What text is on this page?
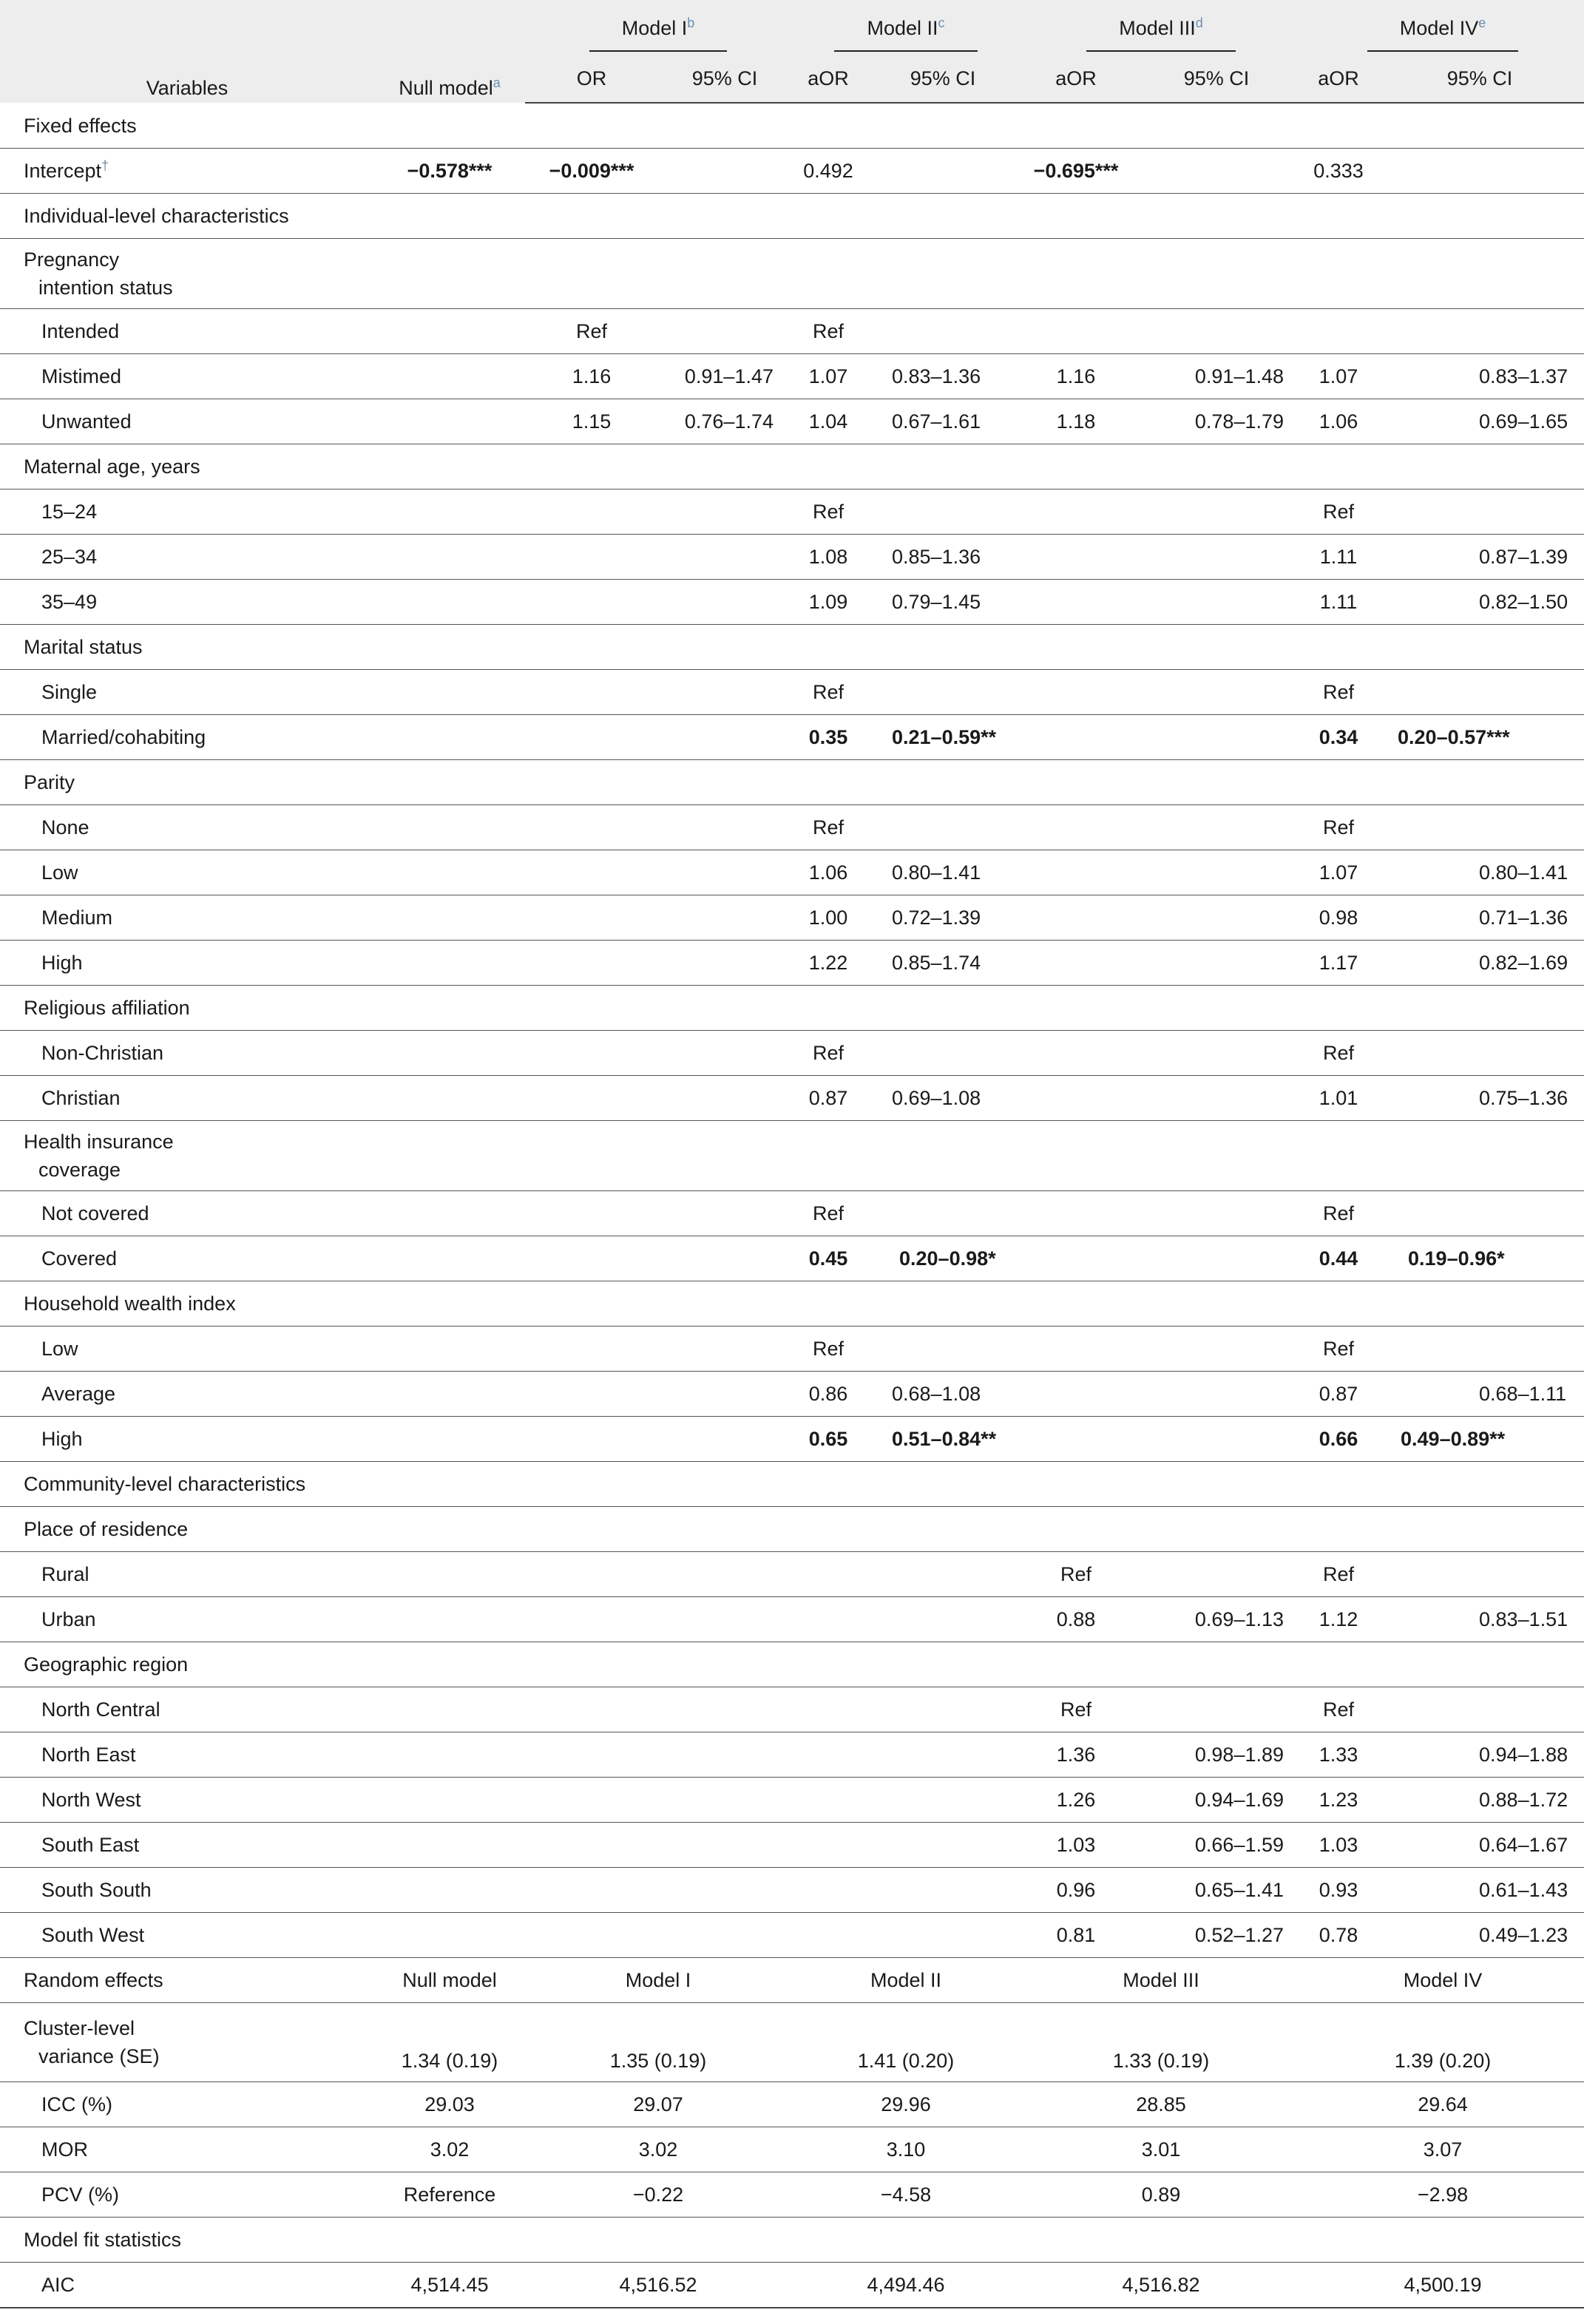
Variables	Null model$^a$	Model $I^b$		Model $II^c$		Model III$^d$		Model IVe
		OR	95% CI	aOR	95% CI	aOR	95% CI	aOR	95% CI
Fixed effects									
Intercept†	−0.578***	−0.009***		0.492		−0.695***		0.333	
Individual-level characteristics									
Pregnancy
intention status									
Intended		Ref		Ref					
Mistimed		1.16	0.91–1.47	1.07	0.83–1.36	1.16	0.91–1.48	1.07	0.83–1.37
Unwanted		1.15	0.76–1.74	1.04	0.67–1.61	1.18	0.78–1.79	1.06	0.69–1.65
Maternal age, years									
15–24				Ref				Ref	
25–34				1.08	0.85–1.36			1.11	0.87–1.39
35–49				1.09	0.79–1.45			1.11	0.82–1.50
Marital status									
Single				Ref				Ref	
Married/cohabiting				0.35	0.21–0.59**			0.34	0.20–0.57***
Parity									
None				Ref				Ref	
Low				1.06	0.80–1.41			1.07	0.80–1.41
Medium				1.00	0.72–1.39			0.98	0.71–1.36
High				1.22	0.85–1.74			1.17	0.82–1.69
Religious affiliation									
Non-Christian				Ref				Ref	
Christian				0.87	0.69–1.08			1.01	0.75–1.36
Health insurance
coverage									
Not covered				Ref				Ref	
Covered				0.45	0.20–0.98*			0.44	0.19–0.96*
Household wealth index									
Low				Ref				Ref	
Average				0.86	0.68–1.08			0.87	0.68–1.11
High				0.65	0.51–0.84**			0.66	0.49–0.89**
Community-level characteristics									
Place of residence									
Rural						Ref		Ref	
Urban						0.88	0.69–1.13	1.12	0.83–1.51
Geographic region									
North Central						Ref		Ref	
North East						1.36	0.98–1.89	1.33	0.94–1.88
North West						1.26	0.94–1.69	1.23	0.88–1.72
South East						1.03	0.66–1.59	1.03	0.64–1.67
South South						0.96	0.65–1.41	0.93	0.61–1.43
South West						0.81	0.52–1.27	0.78	0.49–1.23
Random effects	Null model	Model I		Model II		Model III		Model IV	
Cluster-level
variance (SE)	1.34 (0.19)	1.35 (0.19)		1.41 (0.20)		1.33 (0.19)		1.39 (0.20)	
ICC (%)	29.03	29.07		29.96		28.85		29.64	
MOR	3.02	3.02		3.10		3.01		3.07	
PCV (%)	Reference	−0.22		−4.58		0.89		−2.98	
Model fit statistics									
AIC	4,514.45	4,516.52		4,494.46		4,516.82		4,500.19	
